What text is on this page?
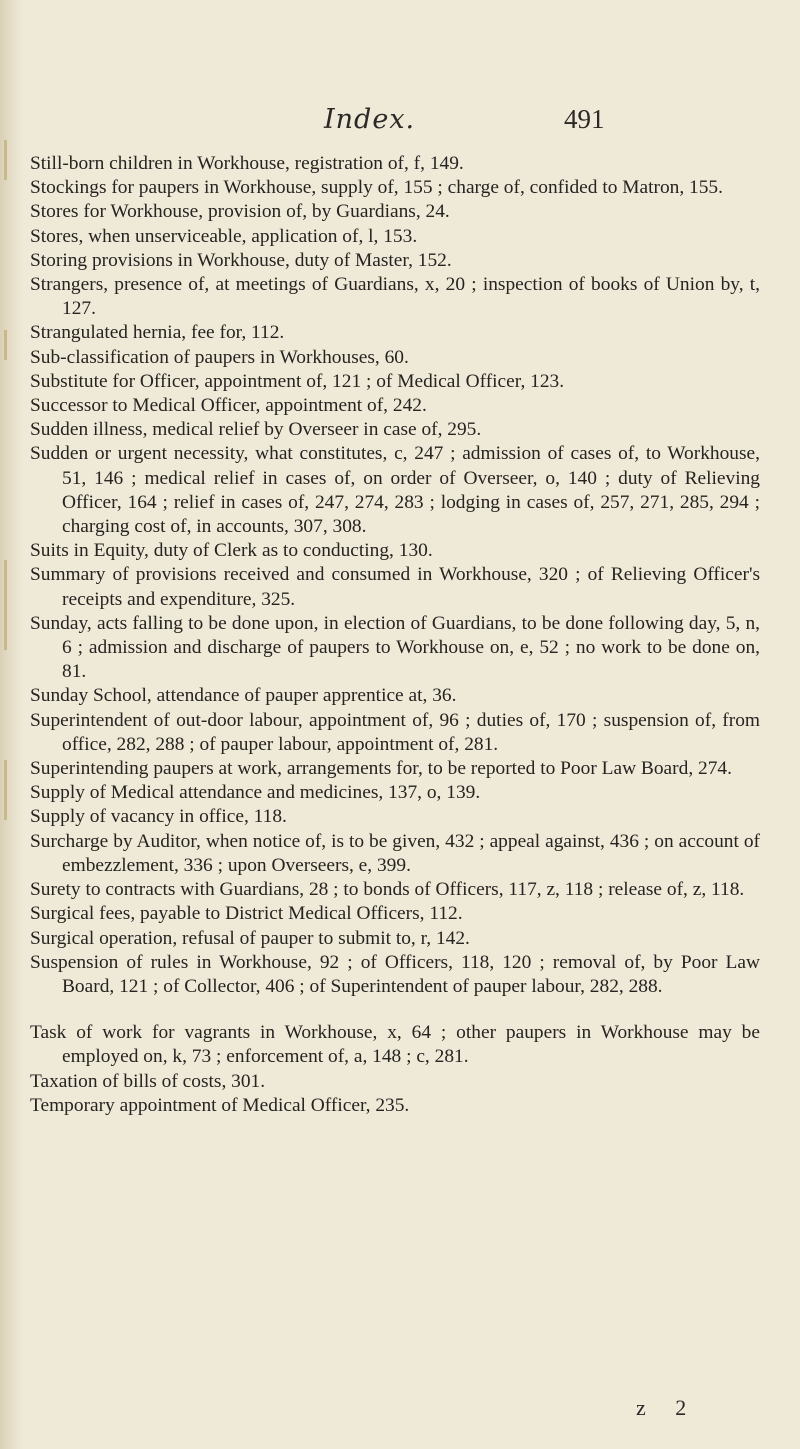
Index.	491

Still-born children in Workhouse, registration of, f, 149.

Stockings for paupers in Workhouse, supply of, 155 ; charge of, confided to Matron, 155.

Stores for Workhouse, provision of, by Guardians, 24.

Stores, when unserviceable, application of, l, 153.

Storing provisions in Workhouse, duty of Master, 152.

Strangers, presence of, at meetings of Guardians, x, 20 ; inspection of books of Union by, t, 127.

Strangulated hernia, fee for, 112.

Sub-classification of paupers in Workhouses, 60.

Substitute for Officer, appointment of, 121 ; of Medical Officer, 123.

Successor to Medical Officer, appointment of, 242.

Sudden illness, medical relief by Overseer in case of, 295.

Sudden or urgent necessity, what constitutes, c, 247 ; admission of cases of, to Workhouse, 51, 146 ; medical relief in cases of, on order of Overseer, o, 140 ; duty of Relieving Officer, 164 ; relief in cases of, 247, 274, 283 ; lodging in cases of, 257, 271, 285, 294 ; charging cost of, in accounts, 307, 308.

Suits in Equity, duty of Clerk as to conducting, 130.

Summary of provisions received and consumed in Workhouse, 320 ; of Relieving Officer's receipts and expenditure, 325.

Sunday, acts falling to be done upon, in election of Guardians, to be done following day, 5, n, 6 ; admission and discharge of paupers to Workhouse on, e, 52 ; no work to be done on, 81.

Sunday School, attendance of pauper apprentice at, 36.

Superintendent of out-door labour, appointment of, 96 ; duties of, 170 ; suspension of, from office, 282, 288 ; of pauper labour, appointment of, 281.

Superintending paupers at work, arrangements for, to be reported to Poor Law Board, 274.

Supply of Medical attendance and medicines, 137, o, 139.

Supply of vacancy in office, 118.

Surcharge by Auditor, when notice of, is to be given, 432 ; appeal against, 436 ; on account of embezzlement, 336 ; upon Overseers, e, 399.

Surety to contracts with Guardians, 28 ; to bonds of Officers, 117, z, 118 ; release of, z, 118.

Surgical fees, payable to District Medical Officers, 112.

Surgical operation, refusal of pauper to submit to, r, 142.

Suspension of rules in Workhouse, 92 ; of Officers, 118, 120 ; removal of, by Poor Law Board, 121 ; of Collector, 406 ; of Superintendent of pauper labour, 282, 288.

Task of work for vagrants in Workhouse, x, 64 ; other paupers in Workhouse may be employed on, k, 73 ; enforcement of, a, 148 ; c, 281.

Taxation of bills of costs, 301.

Temporary appointment of Medical Officer, 235.

z 2
